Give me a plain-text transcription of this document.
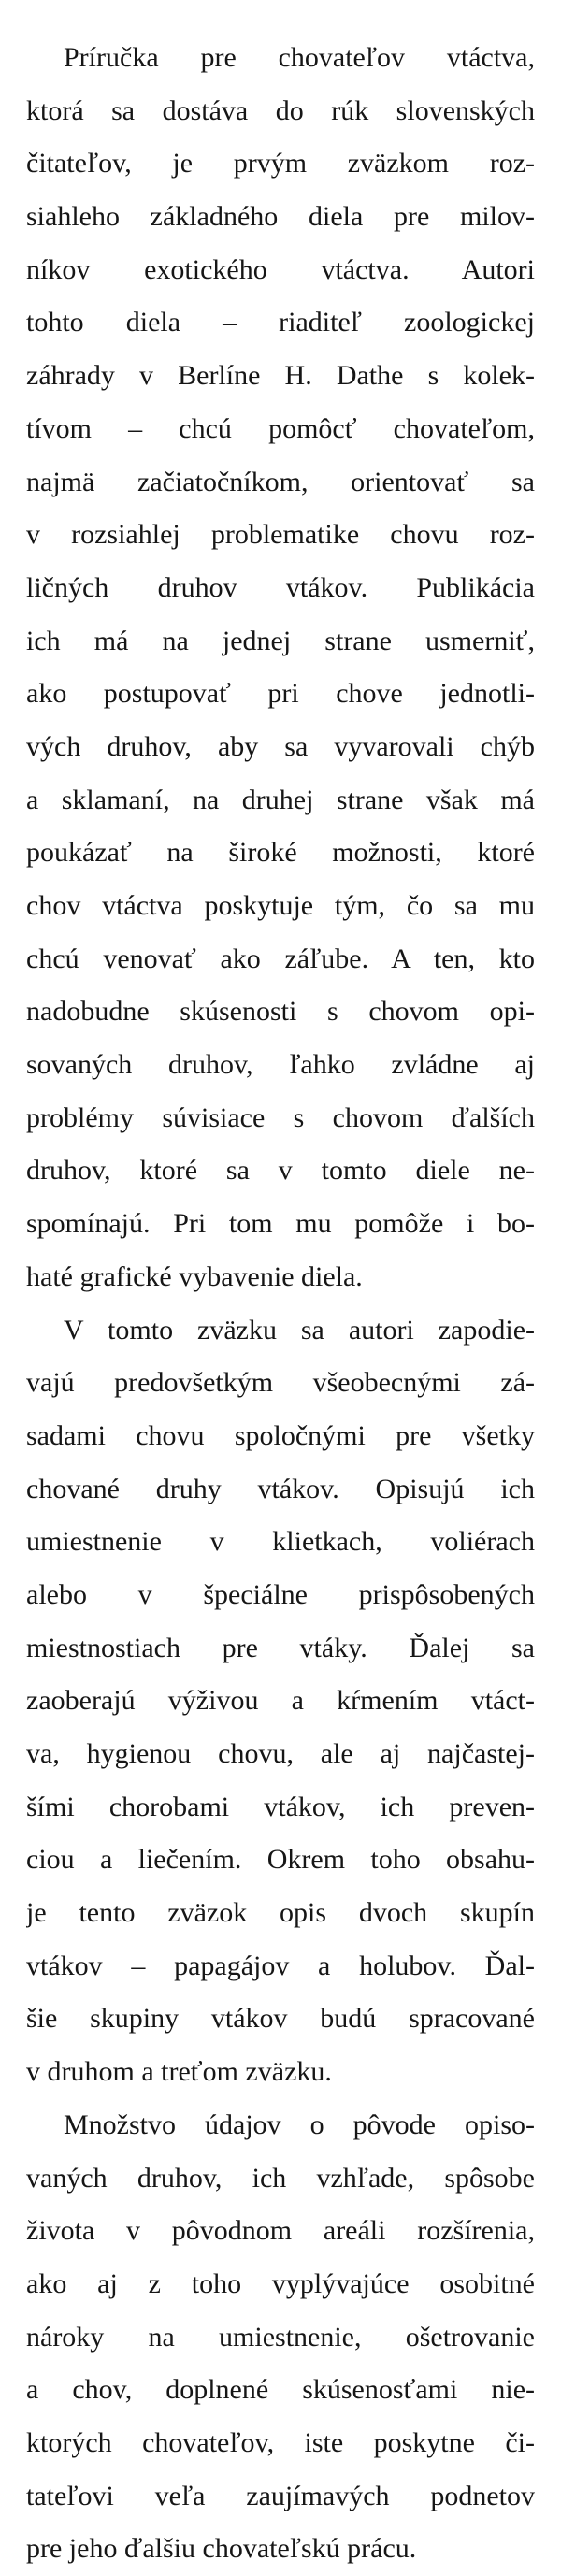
Príručka pre chovateľov vtáctva,
ktorá sa dostáva do rúk slovenských
čitateľov, je prvým zväzkom roz-
siahleho základného diela pre milov-
níkov exotického vtáctva. Autori
tohto diela – riaditeľ zoologickej
záhrady v Berlíne H. Dathe s kolek-
tívom – chcú pomôcť chovateľom,
najmä začiatočníkom, orientovať sa
v rozsiahlej problematike chovu roz-
ličných druhov vtákov. Publikácia
ich má na jednej strane usmerniť,
ako postupovať pri chove jednotli-
vých druhov, aby sa vyvarovali chýb
a sklamaní, na druhej strane však má
poukázať na široké možnosti, ktoré
chov vtáctva poskytuje tým, čo sa mu
chcú venovať ako záľube. A ten, kto
nadobudne skúsenosti s chovom opi-
sovaných druhov, ľahko zvládne aj
problémy súvisiace s chovom ďalších
druhov, ktoré sa v tomto diele ne-
spomínajú. Pri tom mu pomôže i bo-
haté grafické vybavenie diela.
V tomto zväzku sa autori zapodie-
vajú predovšetkým všeobecnými zá-
sadami chovu spoločnými pre všetky
chované druhy vtákov. Opisujú ich
umiestnenie v klietkach, voliérach
alebo v špeciálne prispôsobených
miestnostiach pre vtáky. Ďalej sa
zaoberajú výživou a kŕmením vtáct-
va, hygienou chovu, ale aj najčastej-
šími chorobami vtákov, ich preven-
ciou a liečením. Okrem toho obsahu-
je tento zväzok opis dvoch skupín
vtákov – papagájov a holubov. Ďal-
šie skupiny vtákov budú spracované
v druhom a treťom zväzku.
Množstvo údajov o pôvode opiso-
vaných druhov, ich vzhľade, spôsobe
života v pôvodnom areáli rozšírenia,
ako aj z toho vyplývajúce osobitné
nároky na umiestnenie, ošetrovanie
a chov, doplnené skúsenosťami nie-
ktorých chovateľov, iste poskytne či-
tateľovi veľa zaujímavých podnetov
pre jeho ďalšiu chovateľskú prácu.
